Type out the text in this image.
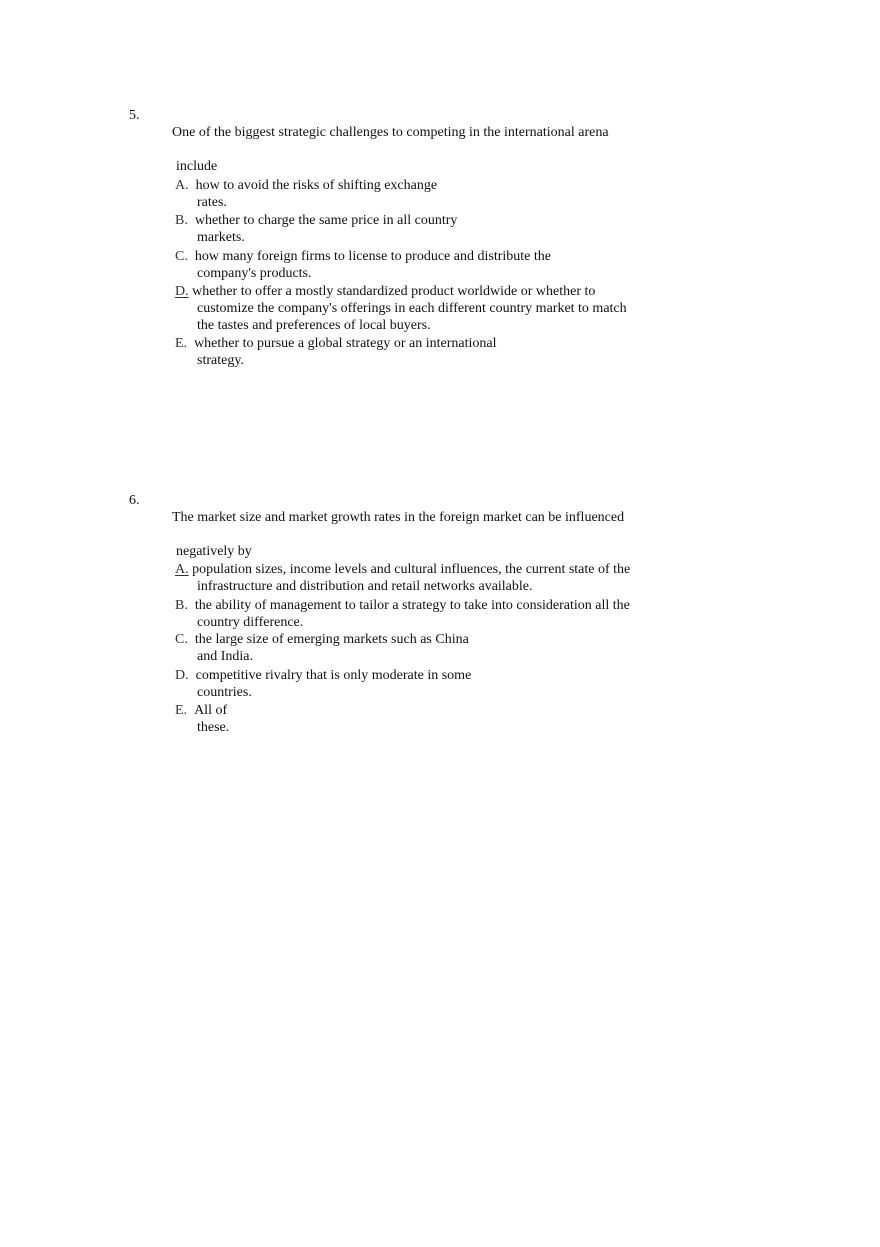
5.

One of the biggest strategic challenges to competing in the international arena

include

A. how to avoid the risks of shifting exchange
rates.
B. whether to charge the same price in all country
markets.
C. how many foreign firms to license to produce and distribute the
company's products.
D. whether to offer a mostly standardized product worldwide or whether to
customize the company's offerings in each different country market to match
the tastes and preferences of local buyers.
E. whether to pursue a global strategy or an international
strategy.
6.

The market size and market growth rates in the foreign market can be influenced

negatively by

A. population sizes, income levels and cultural influences, the current state of the
infrastructure and distribution and retail networks available.
B. the ability of management to tailor a strategy to take into consideration all the
country difference.
C. the large size of emerging markets such as China
and India.
D. competitive rivalry that is only moderate in some
countries.
E. All of
these.
